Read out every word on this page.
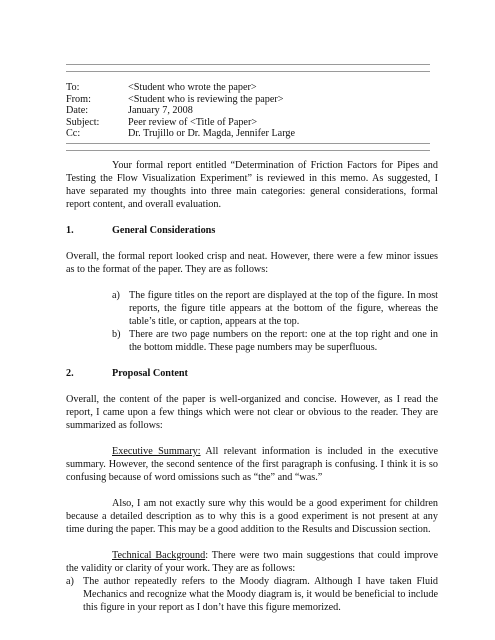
To:	<Student who wrote the paper>
From:	<Student who is reviewing the paper>
Date:	January 7, 2008
Subject:	Peer review of <Title of Paper>
Cc:	Dr. Trujillo or Dr. Magda, Jennifer Large

Your formal report entitled “Determination of Friction Factors for Pipes and Testing the Flow Visualization Experiment” is reviewed in this memo. As suggested, I have separated my thoughts into three main categories: general considerations, formal report content, and overall evaluation.

1.	General Considerations

Overall, the formal report looked crisp and neat. However, there were a few minor issues as to the format of the paper. They are as follows:

a) The figure titles on the report are displayed at the top of the figure. In most reports, the figure title appears at the bottom of the figure, whereas the table’s title, or caption, appears at the top.
b) There are two page numbers on the report: one at the top right and one in the bottom middle. These page numbers may be superfluous.
2.	Proposal Content

Overall, the content of the paper is well-organized and concise. However, as I read the report, I came upon a few things which were not clear or obvious to the reader. They are summarized as follows:

Executive Summary: All relevant information is included in the executive summary. However, the second sentence of the first paragraph is confusing. I think it is so confusing because of word omissions such as “the” and “was.”

Also, I am not exactly sure why this would be a good experiment for children because a detailed description as to why this is a good experiment is not present at any time during the paper. This may be a good addition to the Results and Discussion section.

Technical Background: There were two main suggestions that could improve the validity or clarity of your work. They are as follows:

a) The author repeatedly refers to the Moody diagram. Although I have taken Fluid Mechanics and recognize what the Moody diagram is, it would be beneficial to include this figure in your report as I don’t have this figure memorized.
